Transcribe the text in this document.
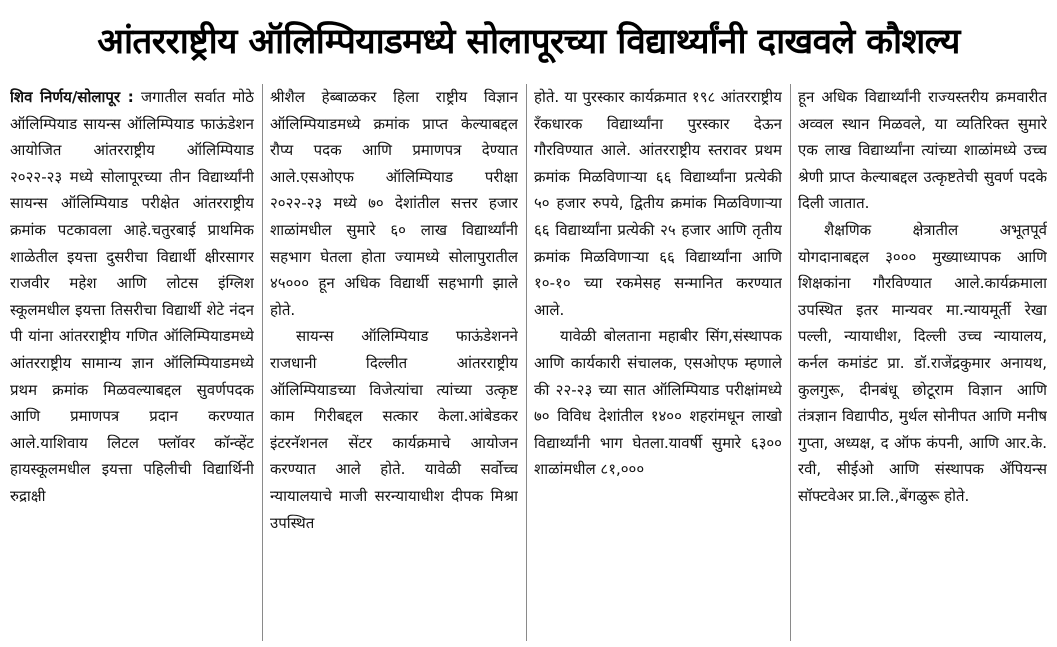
आंतरराष्ट्रीय ऑलिम्पियाडमध्ये सोलापूरच्या विद्यार्थ्यांनी दाखवले कौशल्य

शिव निर्णय/सोलापूर : जगातील सर्वात मोठे ऑलिम्पियाड सायन्स ऑलिम्पियाड फाऊंडेशन आयोजित आंतरराष्ट्रीय ऑलिम्पियाड २०२२-२३ मध्ये सोलापूरच्या तीन विद्यार्थ्यांनी सायन्स ऑलिम्पियाड परीक्षेत आंतरराष्ट्रीय क्रमांक पटकावला आहे.चतुरबाई प्राथमिक शाळेतील इयत्ता दुसरीचा विद्यार्थी क्षीरसागर राजवीर महेश आणि लोटस इंग्लिश स्कूलमधील इयत्ता तिसरीचा विद्यार्थी शेटे नंदन पी यांना आंतरराष्ट्रीय गणित ऑलिम्पियाडमध्ये आंतरराष्ट्रीय सामान्य ज्ञान ऑलिम्पियाडमध्ये प्रथम क्रमांक मिळवल्याबद्दल सुवर्णपदक आणि प्रमाणपत्र प्रदान करण्यात आले.याशिवाय लिटल फ्लॉवर कॉन्व्हेंट हायस्कूलमधील इयत्ता पहिलीची विद्यार्थिनी रुद्राक्षी

श्रीशैल हेब्बाळकर हिला राष्ट्रीय विज्ञान ऑलिम्पियाडमध्ये क्रमांक प्राप्त केल्याबद्दल रौप्य पदक आणि प्रमाणपत्र देण्यात आले.एसओएफ ऑलिम्पियाड परीक्षा २०२२-२३ मध्ये ७० देशांतील सत्तर हजार शाळांमधील सुमारे ६० लाख विद्यार्थ्यांनी सहभाग घेतला होता ज्यामध्ये सोलापुरातील ४५००० हून अधिक विद्यार्थी सहभागी झाले होते.

सायन्स ऑलिम्पियाड फाऊंडेशनने राजधानी दिल्लीत आंतरराष्ट्रीय ऑलिम्पियाडच्या विजेत्यांचा त्यांच्या उत्कृष्ट काम गिरीबद्दल सत्कार केला.आंबेडकर इंटरनॅशनल सेंटर कार्यक्रमाचे आयोजन करण्यात आले होते. यावेळी सर्वोच्च न्यायालयाचे माजी सरन्यायाधीश दीपक मिश्रा उपस्थित

होते. या पुरस्कार कार्यक्रमात १९८ आंतरराष्ट्रीय रँकधारक विद्यार्थ्यांना पुरस्कार देऊन गौरविण्यात आले. आंतरराष्ट्रीय स्तरावर प्रथम क्रमांक मिळविणाऱ्या ६६ विद्यार्थ्यांना प्रत्येकी ५० हजार रुपये, द्वितीय क्रमांक मिळविणाऱ्या ६६ विद्यार्थ्यांना प्रत्येकी २५ हजार आणि तृतीय क्रमांक मिळविणाऱ्या ६६ विद्यार्थ्यांना आणि १०-१० च्या रकमेसह सन्मानित करण्यात आले.

यावेळी बोलताना महाबीर सिंग,संस्थापक आणि कार्यकारी संचालक, एसओएफ म्हणाले की २२-२३ च्या सात ऑलिम्पियाड परीक्षांमध्ये ७० विविध देशांतील १४०० शहरांमधून लाखो विद्यार्थ्यांनी भाग घेतला.यावर्षी सुमारे ६३०० शाळांमधील ८१,०००

हून अधिक विद्यार्थ्यांनी राज्यस्तरीय क्रमवारीत अव्वल स्थान मिळवले, या व्यतिरिक्त सुमारे एक लाख विद्यार्थ्यांना त्यांच्या शाळांमध्ये उच्च श्रेणी प्राप्त केल्याबद्दल उत्कृष्टतेची सुवर्ण पदके दिली जातात.

शैक्षणिक क्षेत्रातील अभूतपूर्व योगदानाबद्दल ३००० मुख्याध्यापक आणि शिक्षकांना गौरविण्यात आले.कार्यक्रमाला उपस्थित इतर मान्यवर मा.न्यायमूर्ती रेखा पल्ली, न्यायाधीश, दिल्ली उच्च न्यायालय, कर्नल कमांडंट प्रा. डॉ.राजेंद्रकुमार अनायथ, कुलगुरू, दीनबंधू छोटूराम विज्ञान आणि तंत्रज्ञान विद्यापीठ, मुर्थल सोनीपत आणि मनीष गुप्ता, अध्यक्ष, द ऑफ कंपनी, आणि आर.के. रवी, सीईओ आणि संस्थापक ॲपियन्स सॉफ्टवेअर प्रा.लि.,बेंगळुरू होते.
